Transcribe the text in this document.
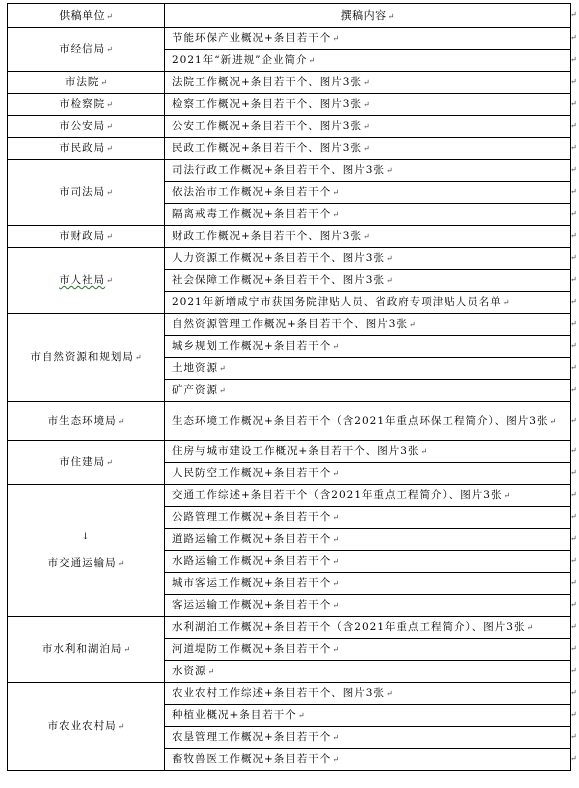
供稿单位↵	撰稿内容↵

市经信局↵	节能环保产业概况+条目若干个↵
	2021年“新进规”企业简介↵

市法院↵	法院工作概况+条目若干个、图片3张↵

市检察院↵	检察工作概况+条目若干个、图片3张↵

市公安局↵	公安工作概况+条目若干个、图片3张↵

市民政局↵	民政工作概况+条目若干个、图片3张↵

市司法局↵	司法行政工作概况+条目若干个、图片3张↵
	依法治市工作概况+条目若干个↵
	隔离戒毒工作概况+条目若干个↵

市财政局↵	财政工作概况+条目若干个、图片3张↵

市人社局↵	人力资源工作概况+条目若干个、图片3张↵
	社会保障工作概况+条目若干个、图片3张↵
	2021年新增咸宁市获国务院津贴人员、省政府专项津贴人员名单↵

市自然资源和规划局↵	自然资源管理工作概况+条目若干个、图片3张↵
	城乡规划工作概况+条目若干个↵
	土地资源↵
	矿产资源↵

市生态环境局↵	生态环境工作概况+条目若干个（含2021年重点环保工程简介）、图片3张↵

市住建局↵	住房与城市建设工作概况+条目若干个、图片3张↵
	人民防空工作概况+条目若干个↵

↓
市交通运输局↵	交通工作综述+条目若干个（含2021年重点工程简介）、图片3张↵
	公路管理工作概况+条目若干个↵
	道路运输工作概况+条目若干个↵
	水路运输工作概况+条目若干个↵
	城市客运工作概况+条目若干个↵
	客运运输工作概况+条目若干个↵

市水利和湖泊局↵	水利湖泊工作概况+条目若干个（含2021年重点工程简介）、图片3张↵
	河道堤防工作概况+条目若干个↵
	水资源↵

市农业农村局↵	农业农村工作综述+条目若干个、图片3张↵
	种植业概况+条目若干个↵
	农垦管理工作概况+条目若干个↵
	畜牧兽医工作概况+条目若干个↵
↵
↵
↵
↵
↵
↵
↵
↵
↵
↵
↵
↵
↵
↵
↵
↵
↵
↵
↵
↵
↵
↵
↵
↵
↵
↵
↵
↵
↵
↵
↵
↵
↵
↵
